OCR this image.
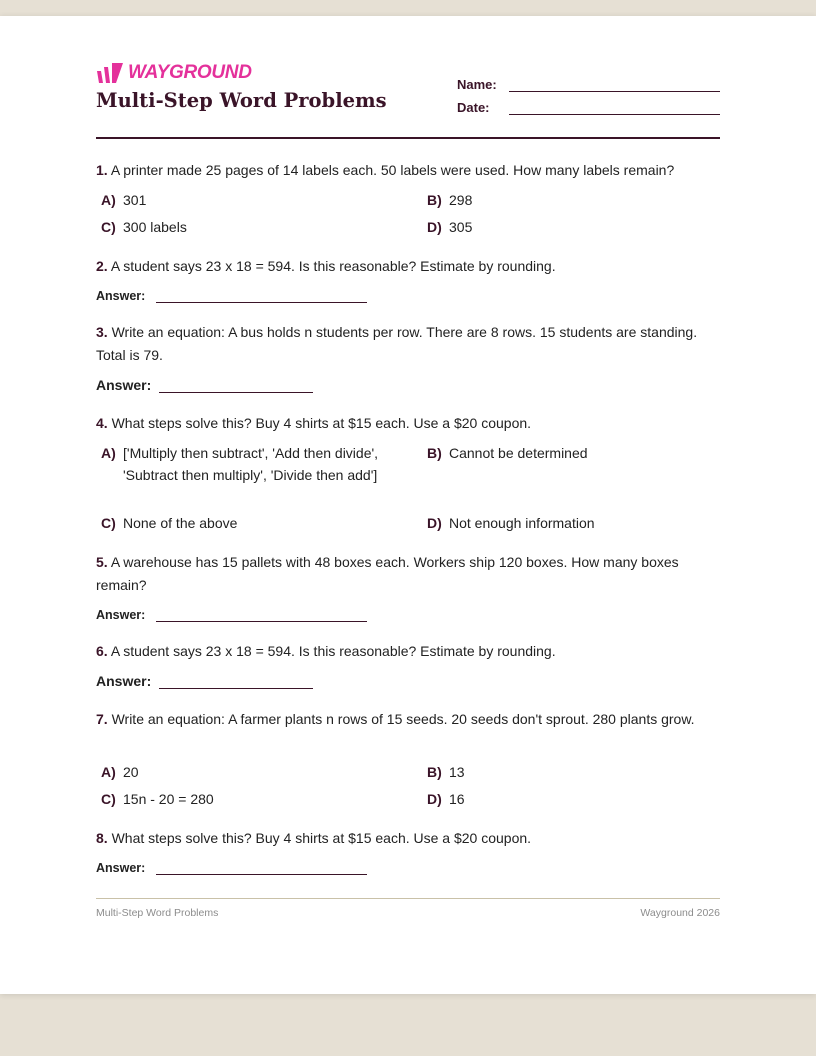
WAYGROUND
Multi-Step Word Problems
Name:
Date:
1. A printer made 25 pages of 14 labels each. 50 labels were used. How many labels remain?
A) 301	B) 298
C) 300 labels	D) 305
2. A student says 23 x 18 = 594. Is this reasonable? Estimate by rounding.
Answer:
3. Write an equation: A bus holds n students per row. There are 8 rows. 15 students are standing. Total is 79.
Answer:
4. What steps solve this? Buy 4 shirts at $15 each. Use a $20 coupon.
A) ['Multiply then subtract', 'Add then divide', 'Subtract then multiply', 'Divide then add']
B) Cannot be determined
C) None of the above	D) Not enough information
5. A warehouse has 15 pallets with 48 boxes each. Workers ship 120 boxes. How many boxes remain?
Answer:
6. A student says 23 x 18 = 594. Is this reasonable? Estimate by rounding.
Answer:
7. Write an equation: A farmer plants n rows of 15 seeds. 20 seeds don't sprout. 280 plants grow.
A) 20	B) 13
C) 15n - 20 = 280	D) 16
8. What steps solve this? Buy 4 shirts at $15 each. Use a $20 coupon.
Answer:
Multi-Step Word Problems	Wayground 2026
